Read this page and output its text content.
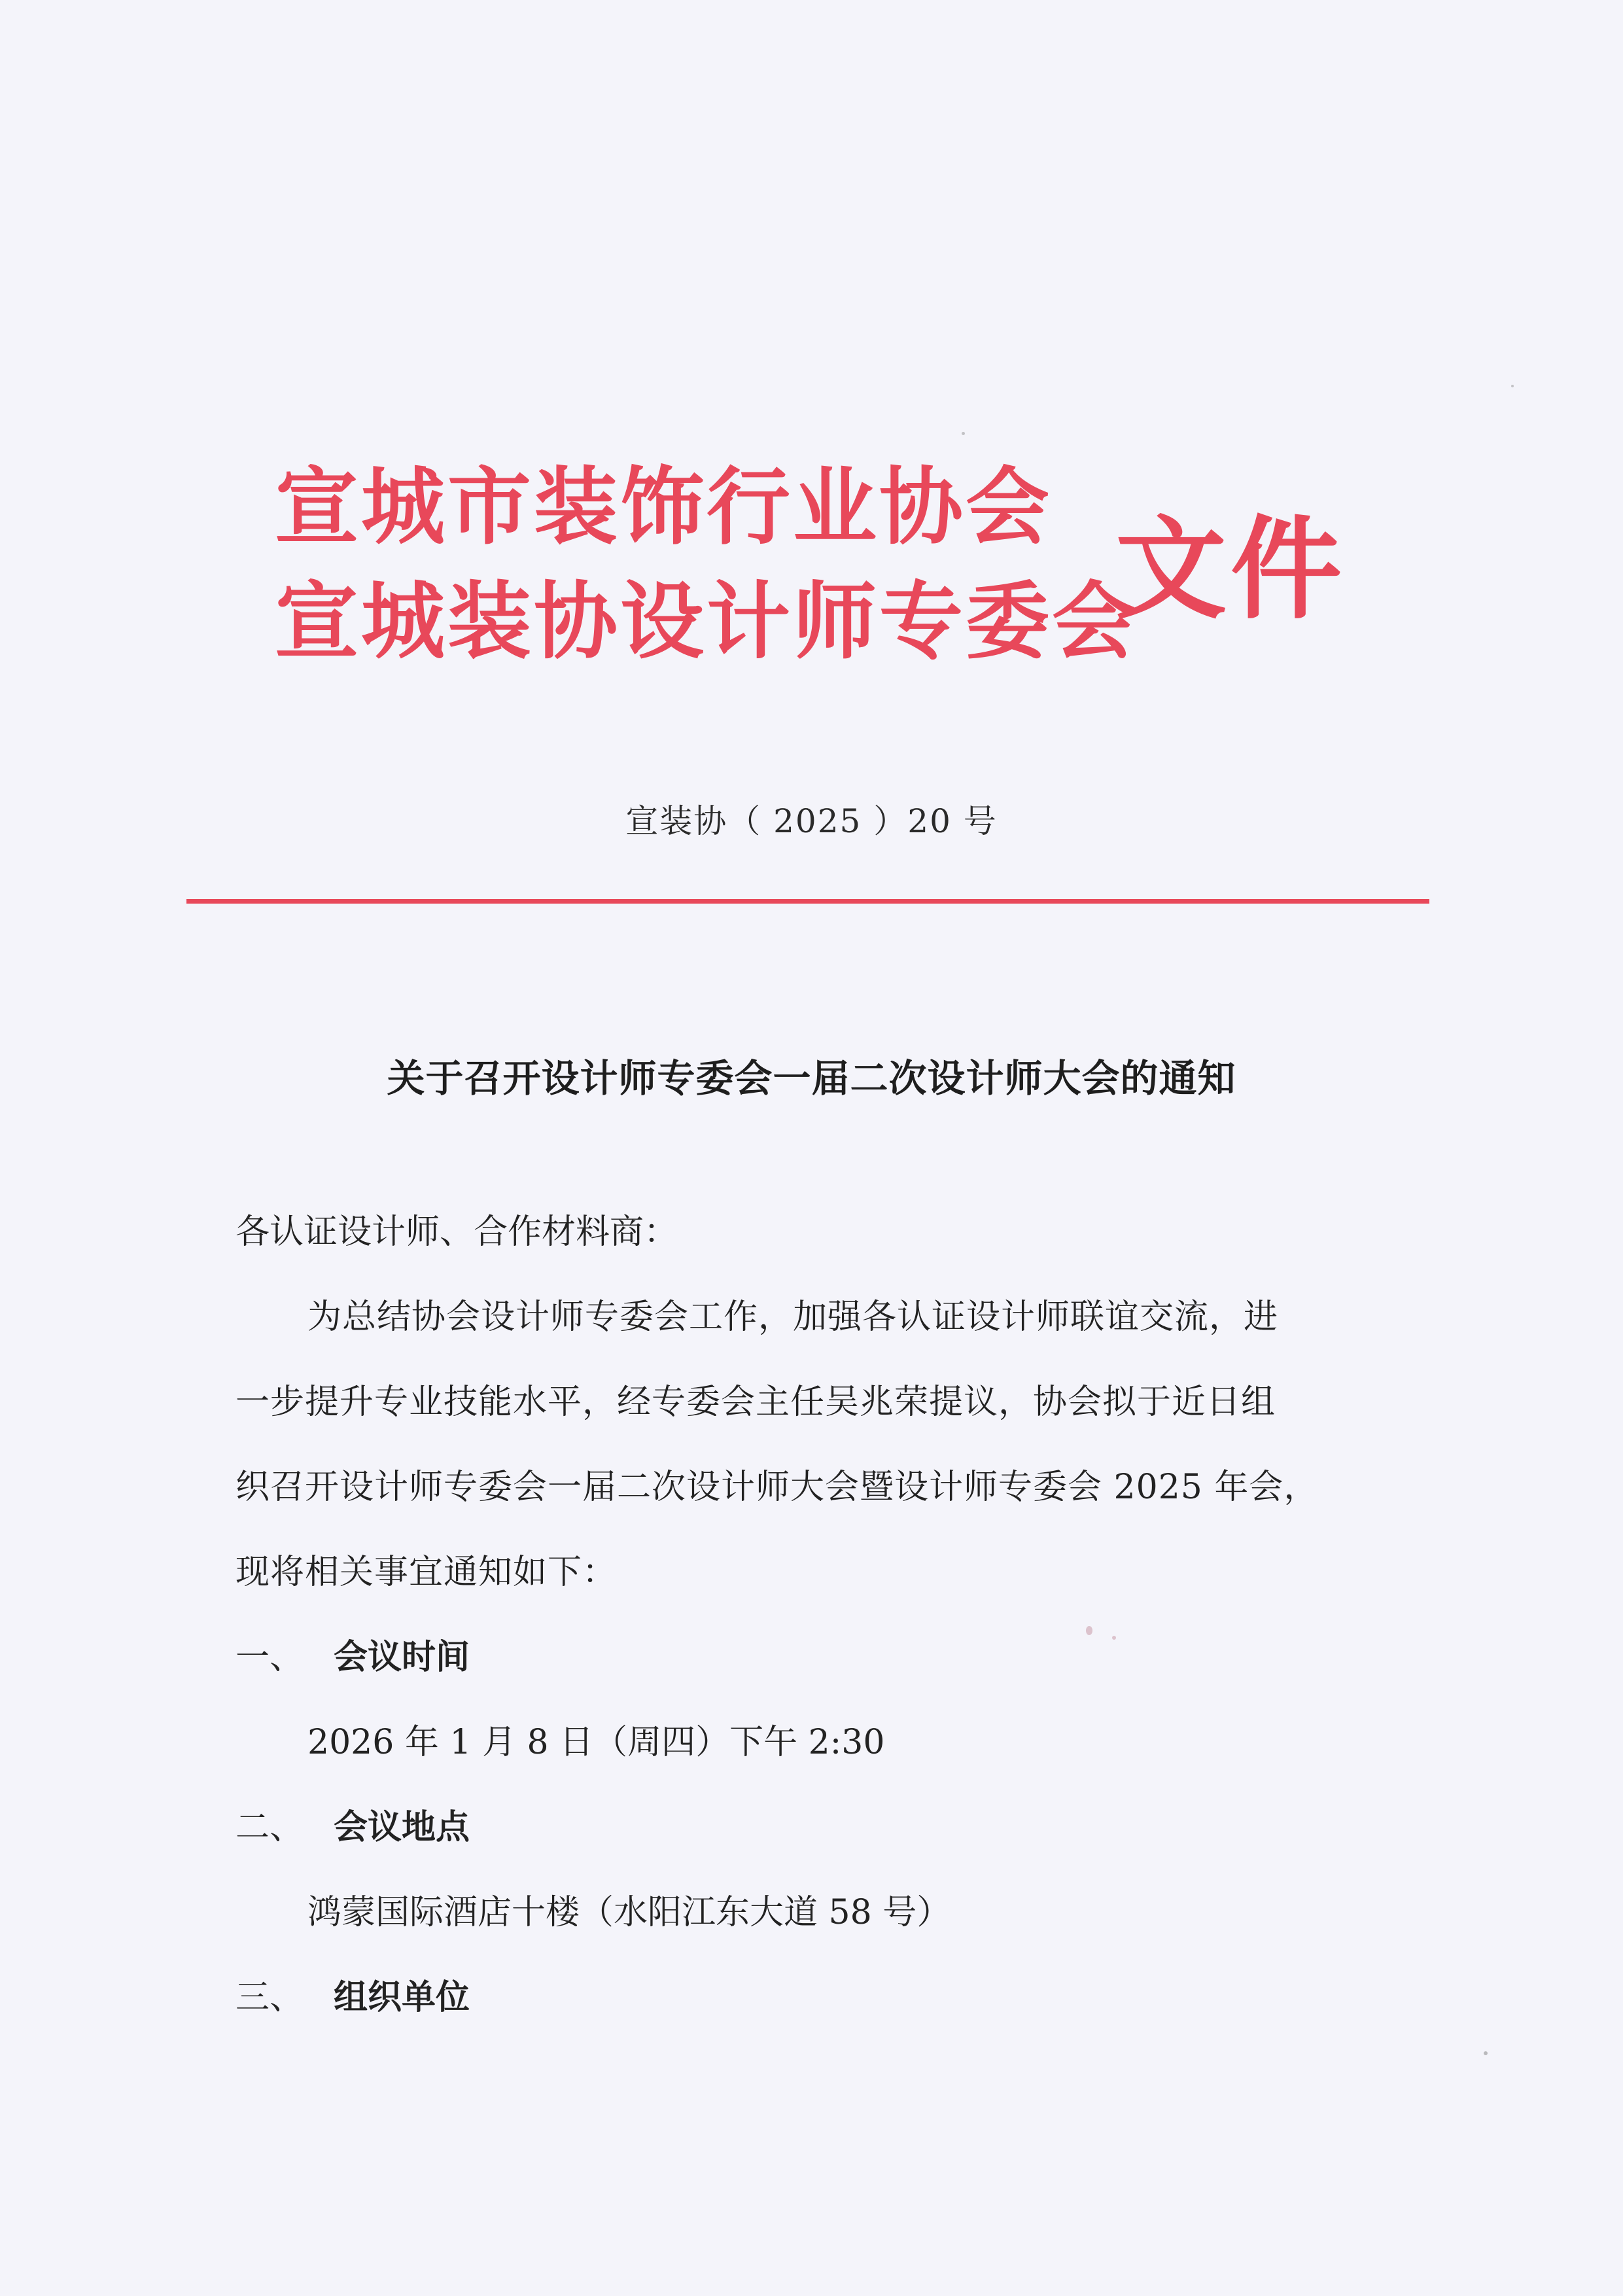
宣城市装饰行业协会
宣城装协设计师专委会
文件
宣装协（ 2025 ）20 号
关于召开设计师专委会一届二次设计师大会的通知
各认证设计师、合作材料商：
为总结协会设计师专委会工作，加强各认证设计师联谊交流，进
一步提升专业技能水平，经专委会主任吴兆荣提议，协会拟于近日组
织召开设计师专委会一届二次设计师大会暨设计师专委会 2025 年会，
现将相关事宜通知如下：
一、 会议时间
2026 年 1 月 8 日（周四）下午 2:30
二、 会议地点
鸿蒙国际酒店十楼（水阳江东大道 58 号）
三、 组织单位
